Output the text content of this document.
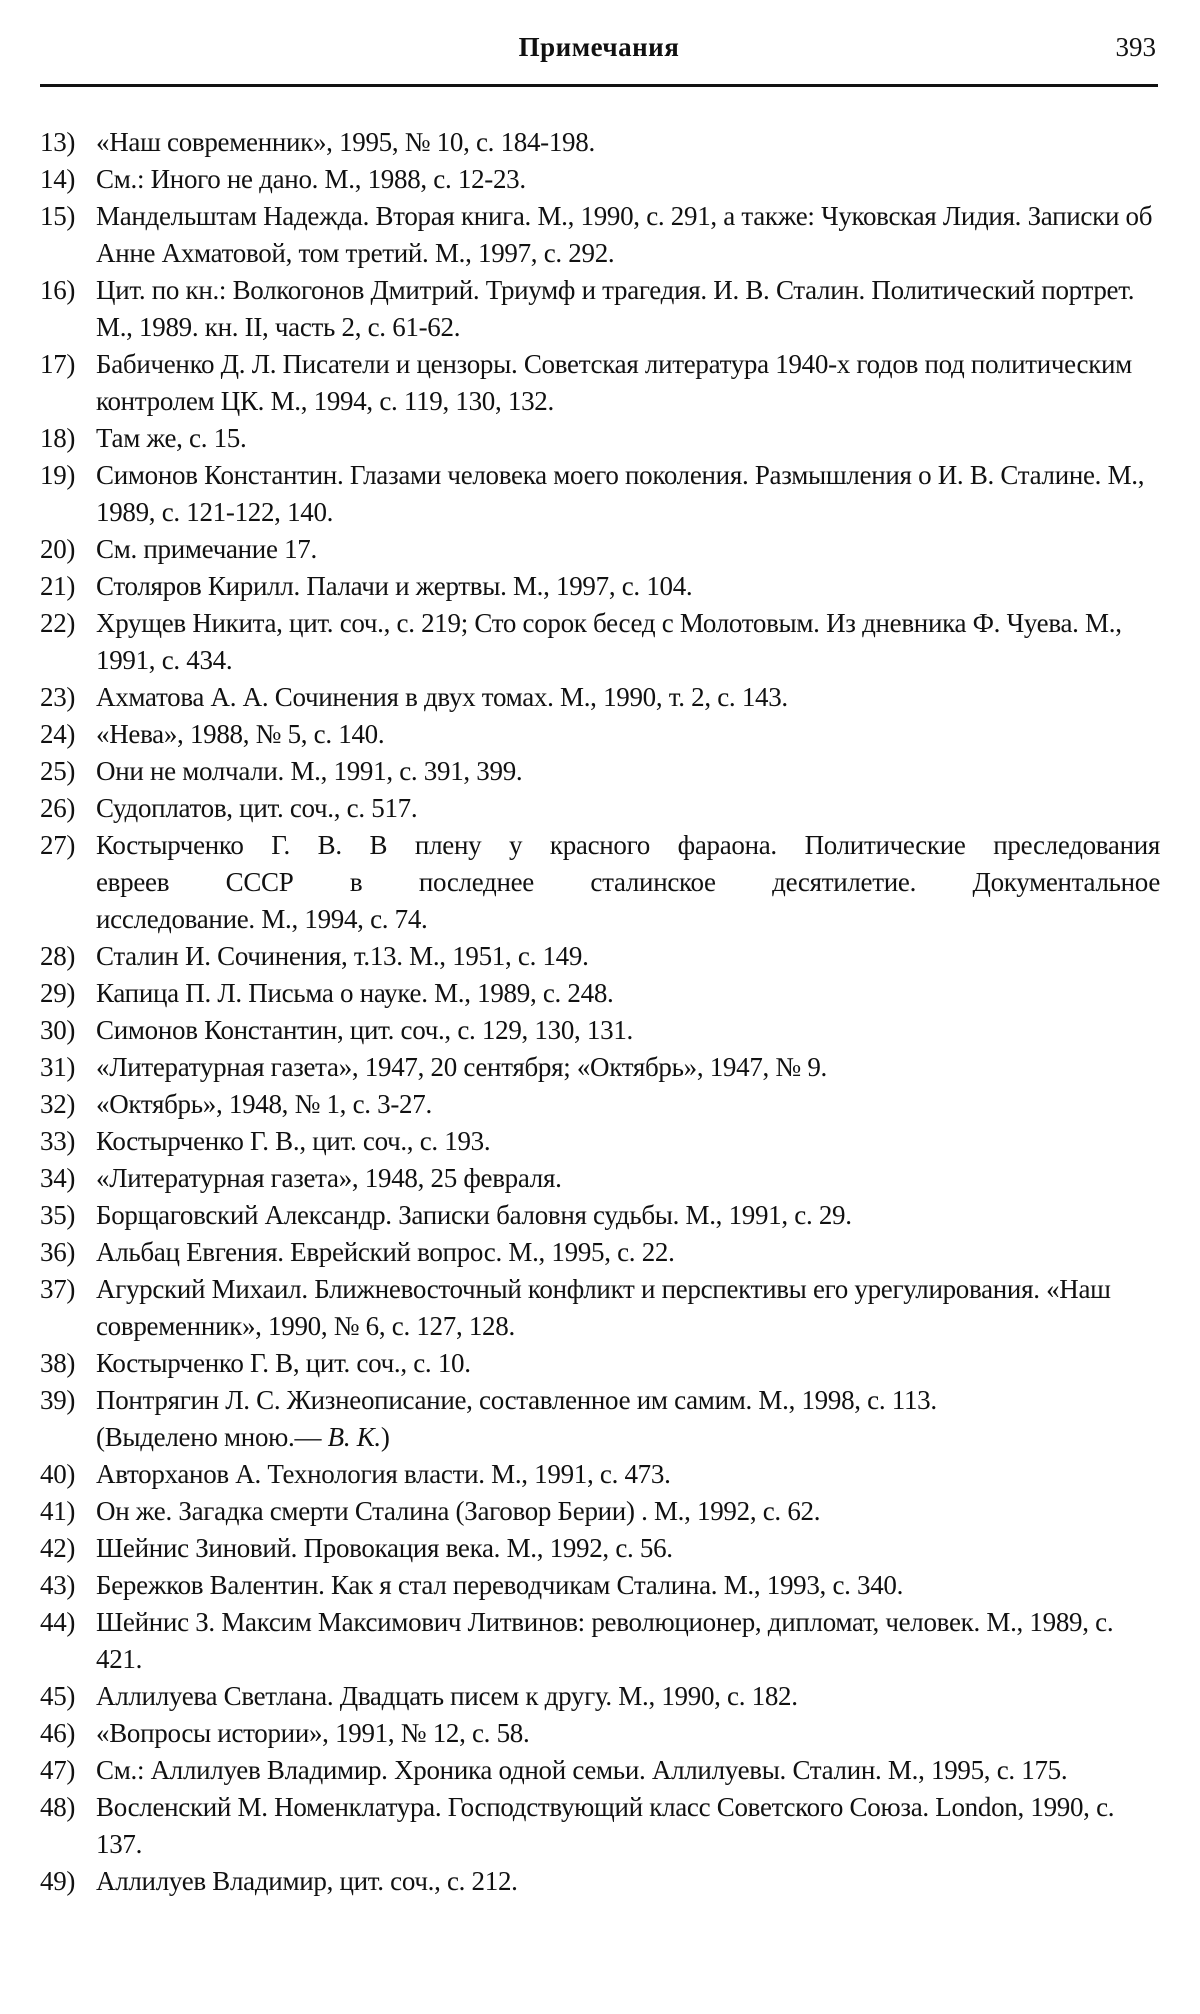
Примечания	393
13) «Наш современник», 1995, № 10, с. 184-198.
14) См.: Иного не дано. М., 1988, с. 12-23.
15) Мандельштам Надежда. Вторая книга. М., 1990, с. 291, а также: Чуковская Лидия. Записки об Анне Ахматовой, том третий. М., 1997, с. 292.
16) Цит. по кн.: Волкогонов Дмитрий. Триумф и трагедия. И. В. Сталин. Политический портрет. М., 1989. кн. II, часть 2, с. 61-62.
17) Бабиченко Д. Л. Писатели и цензоры. Советская литература 1940-х годов под политическим контролем ЦК. М., 1994, с. 119, 130, 132.
18) Там же, с. 15.
19) Симонов Константин. Глазами человека моего поколения. Размышления о И. В. Сталине. М., 1989, с. 121-122, 140.
20) См. примечание 17.
21) Столяров Кирилл. Палачи и жертвы. М., 1997, с. 104.
22) Хрущев Никита, цит. соч., с. 219; Сто сорок бесед с Молотовым. Из дневника Ф. Чуева. М., 1991, с. 434.
23) Ахматова А. А. Сочинения в двух томах. М., 1990, т. 2, с. 143.
24) «Нева», 1988, № 5, с. 140.
25) Они не молчали. М., 1991, с. 391, 399.
26) Судоплатов, цит. соч., с. 517.
27) Костырченко Г. В. В плену у красного фараона. Политические преследования
евреев СССР в последнее сталинское десятилетие. Документальное
исследование. М., 1994, с. 74.
28) Сталин И. Сочинения, т.13. М., 1951, с. 149.
29) Капица П. Л. Письма о науке. М., 1989, с. 248.
30) Симонов Константин, цит. соч., с. 129, 130, 131.
31) «Литературная газета», 1947, 20 сентября; «Октябрь», 1947, № 9.
32) «Октябрь», 1948, № 1, с. 3-27.
33) Костырченко Г. В., цит. соч., с. 193.
34) «Литературная газета», 1948, 25 февраля.
35) Борщаговский Александр. Записки баловня судьбы. М., 1991, с. 29.
36) Альбац Евгения. Еврейский вопрос. М., 1995, с. 22.
37) Агурский Михаил. Ближневосточный конфликт и перспективы его урегулирования. «Наш современник», 1990, № 6, с. 127, 128.
38) Костырченко Г. В, цит. соч., с. 10.
39) Понтрягин Л. С. Жизнеописание, составленное им самим. М., 1998, с. 113.
(Выделено мною.— В. К.)
40) Авторханов А. Технология власти. М., 1991, с. 473.
41) Он же. Загадка смерти Сталина (Заговор Берии) . М., 1992, с. 62.
42) Шейнис Зиновий. Провокация века. М., 1992, с. 56.
43) Бережков Валентин. Как я стал переводчикам Сталина. М., 1993, с. 340.
44) Шейнис З. Максим Максимович Литвинов: революционер, дипломат, человек. М., 1989, с. 421.
45) Аллилуева Светлана. Двадцать писем к другу. М., 1990, с. 182.
46) «Вопросы истории», 1991, № 12, с. 58.
47) См.: Аллилуев Владимир. Хроника одной семьи. Аллилуевы. Сталин. М., 1995, с. 175.
48) Восленский М. Номенклатура. Господствующий класс Советского Союза. London, 1990, с. 137.
49) Аллилуев Владимир, цит. соч., с. 212.
